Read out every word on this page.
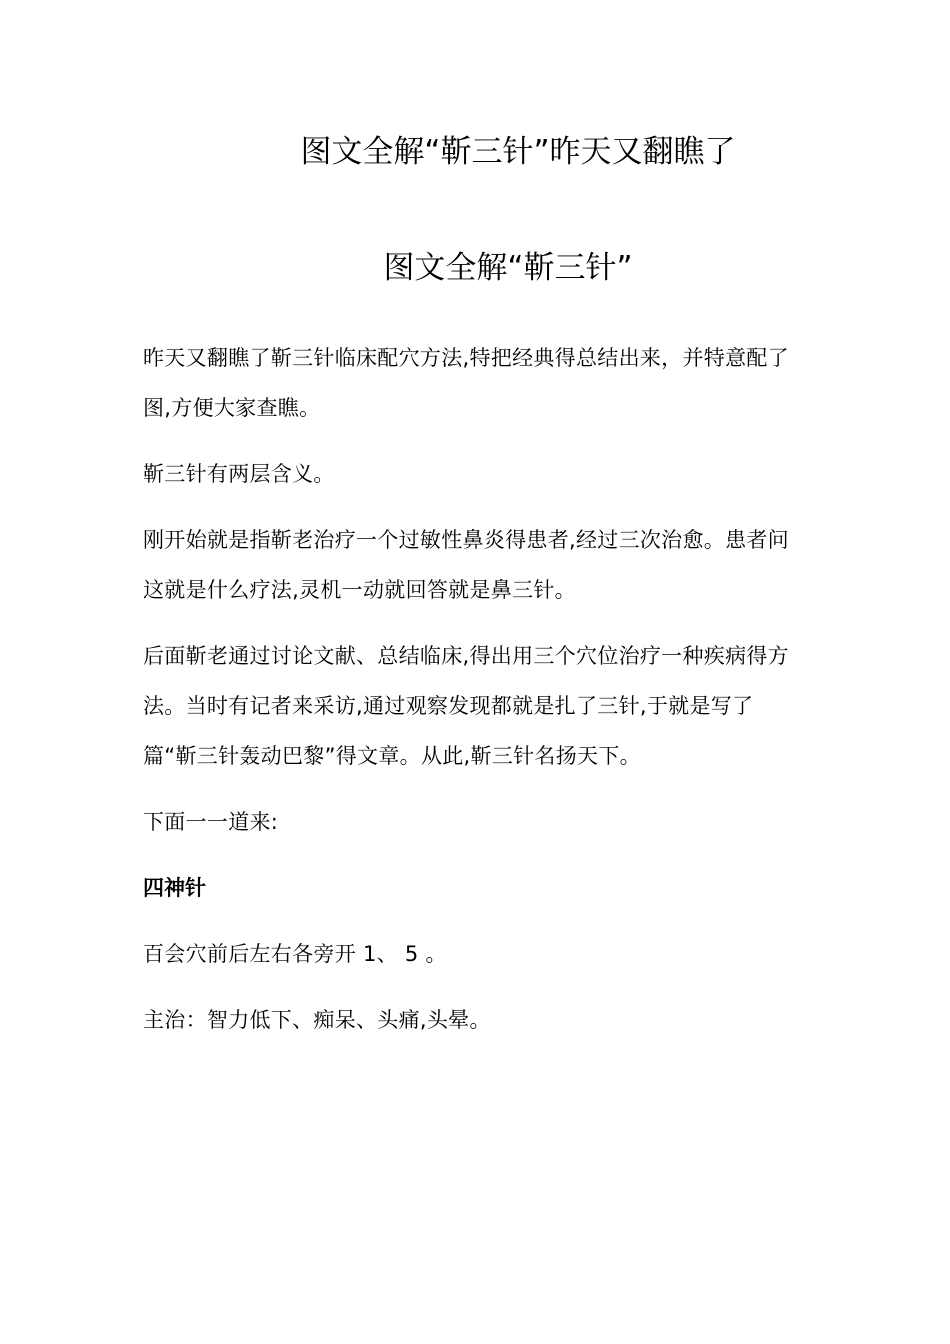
图文全解“靳三针”昨天又翻瞧了
图文全解“靳三针”

昨天又翻瞧了靳三针临床配穴方法,特把经典得总结出来，并特意配了图,方便大家查瞧。

靳三针有两层含义。

刚开始就是指靳老治疗一个过敏性鼻炎得患者,经过三次治愈。患者问这就是什么疗法,灵机一动就回答就是鼻三针。

后面靳老通过讨论文献、总结临床,得出用三个穴位治疗一种疾病得方法。当时有记者来采访,通过观察发现都就是扎了三针,于就是写了篇“靳三针轰动巴黎”得文章。从此,靳三针名扬天下。

下面一一道来:

四神针

百会穴前后左右各旁开 1、 5 。

主治：智力低下、痴呆、头痛,头晕。
